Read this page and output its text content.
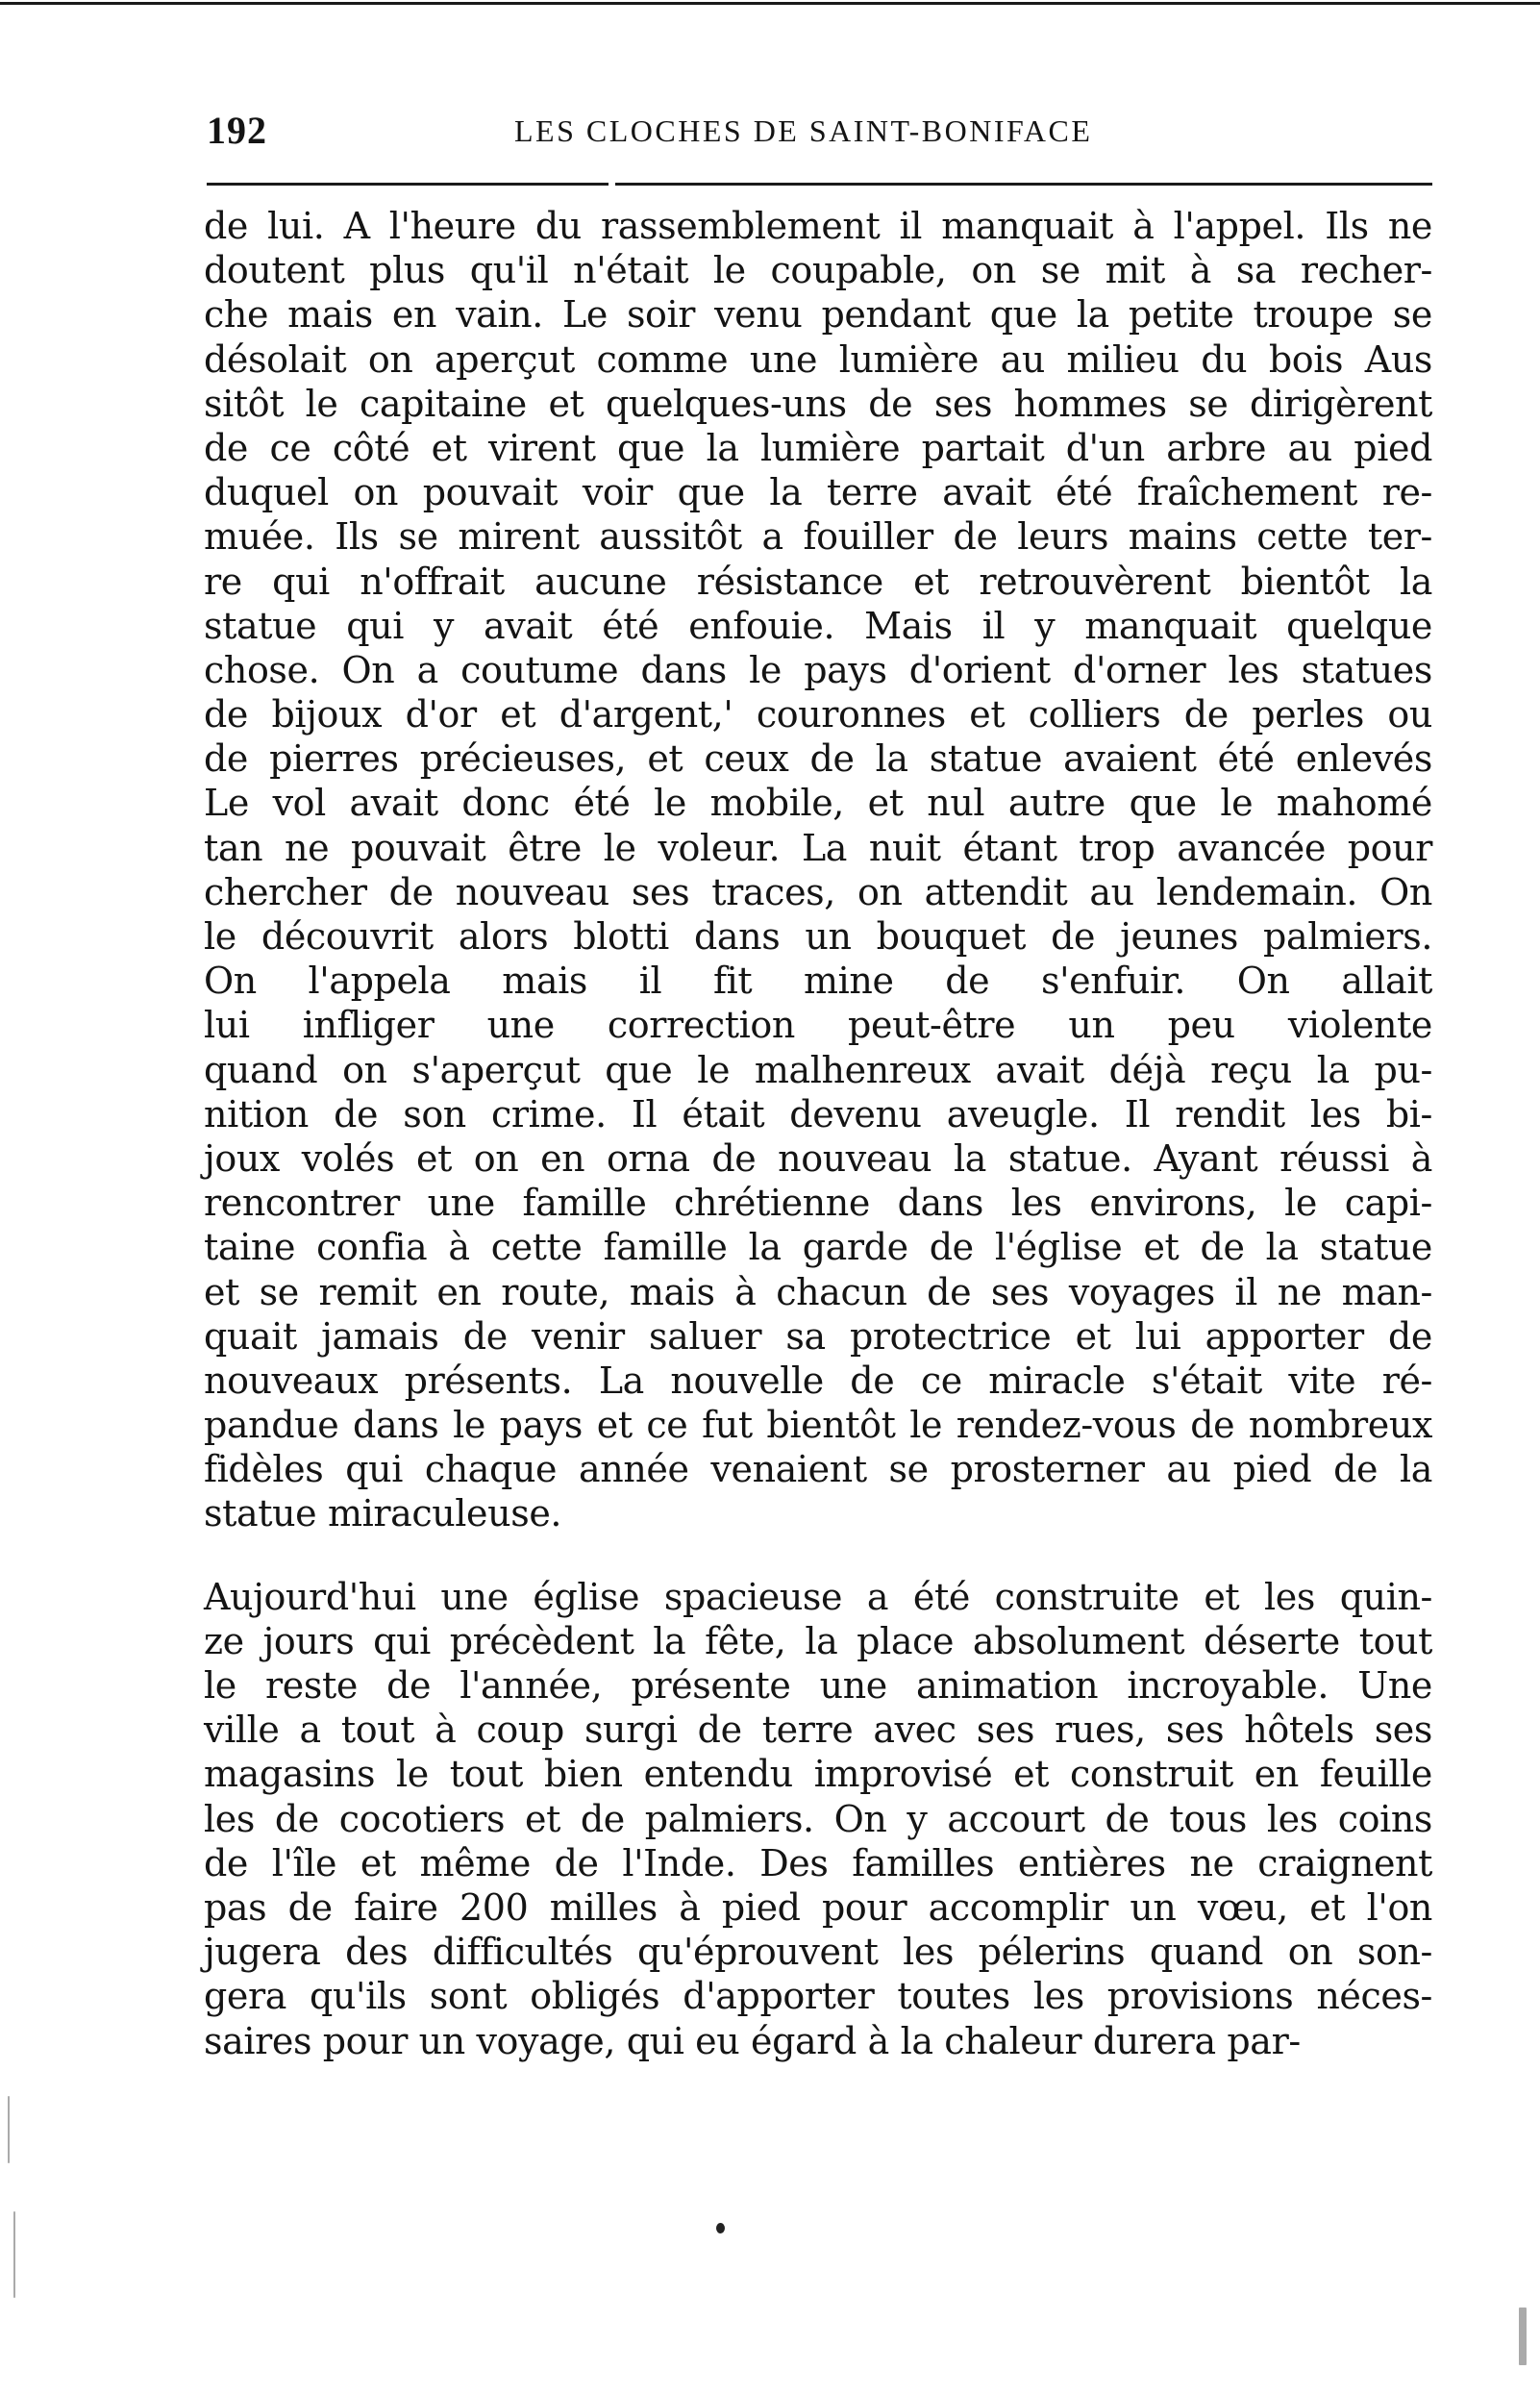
192	LES CLOCHES DE SAINT-BONIFACE
de lui. A l'heure du rassemblement il manquait à l'appel. Ils ne
doutent plus qu'il n'était le coupable, on se mit à sa recher-
che mais en vain. Le soir venu pendant que la petite troupe se
désolait on aperçut comme une lumière au milieu du bois Aus
sitôt le capitaine et quelques-uns de ses hommes se dirigèrent
de ce côté et virent que la lumière partait d'un arbre au pied
duquel on pouvait voir que la terre avait été fraîchement re-
muée. Ils se mirent aussitôt a fouiller de leurs mains cette ter-
re qui n'offrait aucune résistance et retrouvèrent bientôt la
statue qui y avait été enfouie. Mais il y manquait quelque
chose. On a coutume dans le pays d'orient d'orner les statues
de bijoux d'or et d'argent,' couronnes et colliers de perles ou
de pierres précieuses, et ceux de la statue avaient été enlevés
Le vol avait donc été le mobile, et nul autre que le mahomé
tan ne pouvait être le voleur. La nuit étant trop avancée pour
chercher de nouveau ses traces, on attendit au lendemain. On
le découvrit alors blotti dans un bouquet de jeunes palmiers.
On l'appela mais il fit mine de s'enfuir. On allait
lui infliger une correction peut-être un peu violente
quand on s'aperçut que le malhenreux avait déjà reçu la pu-
nition de son crime. Il était devenu aveugle. Il rendit les bi-
joux volés et on en orna de nouveau la statue. Ayant réussi à
rencontrer une famille chrétienne dans les environs, le capi-
taine confia à cette famille la garde de l'église et de la statue
et se remit en route, mais à chacun de ses voyages il ne man-
quait jamais de venir saluer sa protectrice et lui apporter de
nouveaux présents. La nouvelle de ce miracle s'était vite ré-
pandue dans le pays et ce fut bientôt le rendez-vous de nombreux
fidèles qui chaque année venaient se prosterner au pied de la
statue miraculeuse.
Aujourd'hui une église spacieuse a été construite et les quin-
ze jours qui précèdent la fête, la place absolument déserte tout
le reste de l'année, présente une animation incroyable. Une
ville a tout à coup surgi de terre avec ses rues, ses hôtels ses
magasins le tout bien entendu improvisé et construit en feuille
les de cocotiers et de palmiers. On y accourt de tous les coins
de l'île et même de l'Inde. Des familles entières ne craignent
pas de faire 200 milles à pied pour accomplir un vœu, et l'on
jugera des difficultés qu'éprouvent les pélerins quand on son-
gera qu'ils sont obligés d'apporter toutes les provisions néces-
saires pour un voyage, qui eu égard à la chaleur durera par-
